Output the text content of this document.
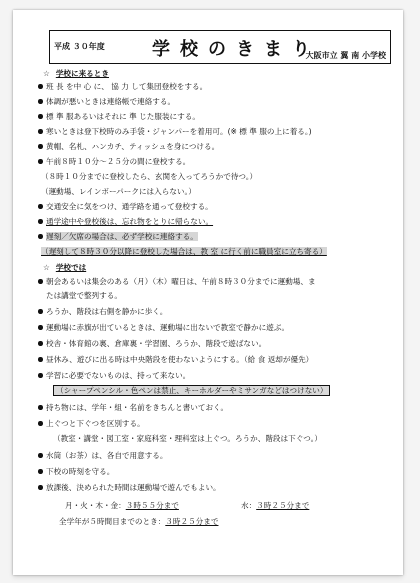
平成 ３０年度	学校のきまり
大阪市立 翼 南 小学校
☆ 学校に来るとき
班 長 を中 心 に、 協 力 して集団登校をする。
体調が悪いときは連絡帳で連絡する。
標 準 服あるいはそれに 準 じた服装にする。
寒いときは登下校時のみ手袋・ジャンパーを着用可。(※ 標 準 服の上に着る。)
黄帽、名札、ハンカチ、ティッシュを身につける。
午前８時１０分～２５分の間に登校する。
（８時１０分までに登校したら、玄関を入ってろうかで待つ。）
（運動場、レインボーパークには入らない。）
交通安全に気をつけ、通学路を通って登校する。
通学途中や登校後は、忘れ物をとりに帰らない。
遅刻／欠席の場合は、必ず学校に連絡する。
（遅刻して８時３０分以降に登校した場合は、教 室 に行く前に職員室に立ち寄る）
☆ 学校では
朝会あるいは集会のある（月）（木）曜日は、午前８時３０分までに運動場、ま
たは講堂で整列する。
ろうか、階段は右側を静かに歩く。
運動場に赤旗が出ているときは、運動場に出ないで教室で静かに遊ぶ。
校舎・体育館の裏、倉庫裏・学習園、ろうか、階段で遊ばない。
昼休み、遊びに出る時は中央階段を使わないようにする。（給 食 返却が優先）
学習に必要でないものは、持って来ない。
（シャープペンシル・色ペンは禁止、キーホルダーやミサンガなどはつけない）
持ち物には、学年・組・名前をきちんと書いておく。
上ぐつと下ぐつを区別する。
（教室・講堂・図工室・家庭科室・理科室は上ぐつ。ろうか、階段は下ぐつ。）
水筒（お茶）は、各自で用意する。
下校の時刻を守る。
放課後、決められた時間は運動場で遊んでもよい。
月・火・木・金：３時５５分まで	水：３時２５分まで
全学年が５時間目までのとき：３時２５分まで
